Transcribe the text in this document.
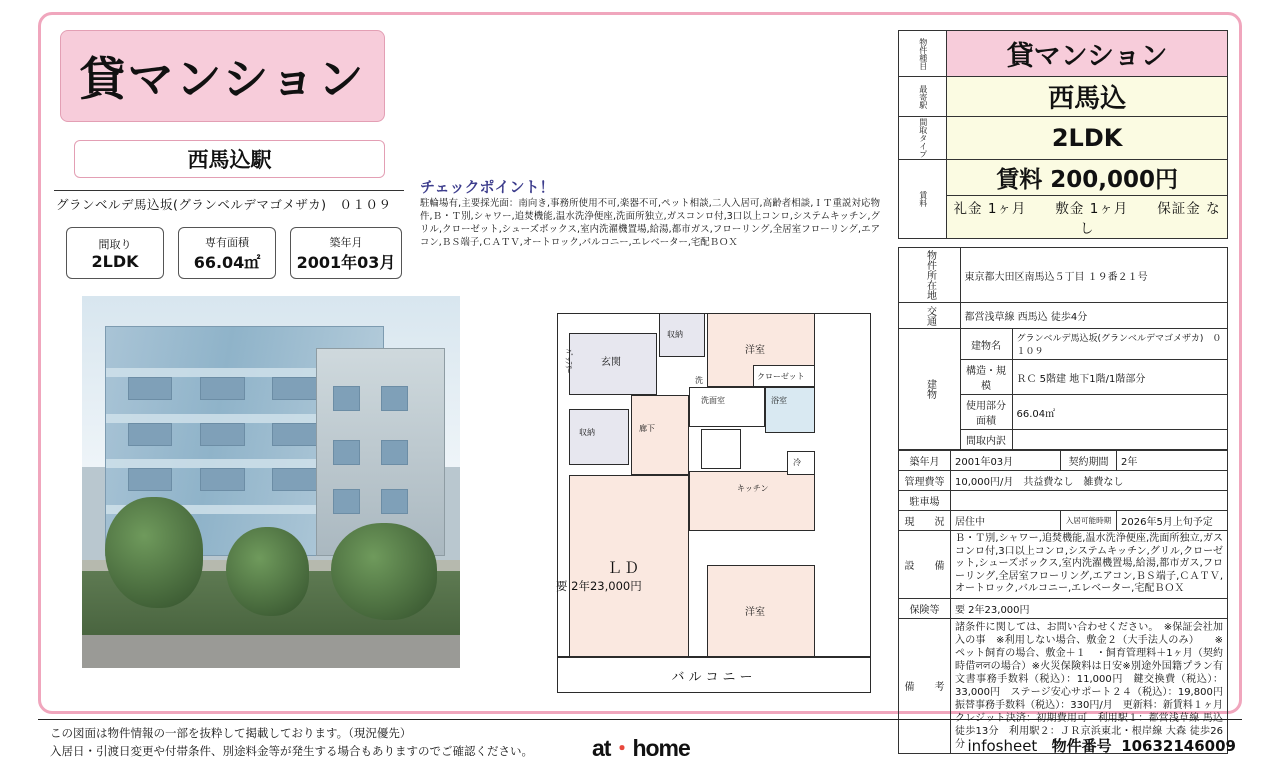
貸マンション
西馬込駅
グランベルデ馬込坂(グランベルデマゴメザカ)　０１０９
間取り
2LDK
専有面積
66.04㎡
築年月
2001年03月
チェックポイント！
駐輪場有,主要採光面：南向き,事務所使用不可,楽器不可,ペット相談,二人入居可,高齢者相談,ＩＴ重説対応物件,Ｂ・Ｔ別,シャワー,追焚機能,温水洗浄便座,洗面所独立,ガスコンロ付,3口以上コンロ,システムキッチン,グリル,クローゼット,シューズボックス,室内洗濯機置場,給湯,都市ガス,フローリング,全居室フローリング,エアコン,ＢＳ端子,ＣＡＴＶ,オートロック,バルコニー,エレベーター,宅配ＢＯＸ
洋室
収納
玄関
ﾊﾞｯﾃﾘｰ
クローゼット
洗面室
洗
浴室
廊下
収納
キッチン
冷
ＬＤ
洋室
バルコニー
要 2年23,000円
物件種目	貸マンション
最寄駅	西馬込
間取タイプ	2LDK
賃料	賃料 200,000円
	礼金 1ヶ月　　敷金 1ヶ月　　保証金 なし
物件所在地	東京都大田区南馬込５丁目 １９番２１号	
交通	都営浅草線 西馬込 徒歩4分	
建物	建物名	グランベルデ馬込坂(グランベルデマゴメザカ)　０１０９
	構造・規模	ＲＣ 5階建 地下1階/1階部分
	使用部分面積	66.04㎡
	間取内訳	
築年月	2001年03月	契約期間	2年
管理費等	10,000円/月　共益費なし　雑費なし		
駐車場			
現　　況	居住中	入居可能時期	2026年5月上旬予定
設　　備	Ｂ・Ｔ別,シャワー,追焚機能,温水洗浄便座,洗面所独立,ガスコンロ付,3口以上コンロ,システムキッチン,グリル,クローゼット,シューズボックス,室内洗濯機置場,給湯,都市ガス,フローリング,全居室フローリング,エアコン,ＢＳ端子,ＣＡＴＶ,オートロック,バルコニー,エレベーター,宅配ＢＯＸ		
保険等	要 2年23,000円		
備　　考	諸条件に関しては、お問い合わせください。　※保証会社加入の事　※利用しない場合、敷金２（大手法人のみ）　　※ペット飼育の場合、敷金＋１　・飼育管理料＋1ヶ月（契約時借ললの場合）※火災保険料は日安※別途外国籍プラン有　文書事務手数料（税込）：11,000円　鍵交換費（税込）：33,000円　ステージ安心サポート２４（税込）：19,800円　振替事務手数料（税込）：330円/月　更新料：新賃料１ヶ月　クレジット決済：初期費用可　利用駅１：都営浅草線 馬込 徒歩13分　利用駅２：ＪＲ京浜東北・根岸線 大森 徒歩26分		
この図面は物件情報の一部を抜粋して掲載しております。（現況優先）
入居日・引渡日変更や付帯条件、別途料金等が発生する場合もありますのでご確認ください。	at・home	infosheet 物件番号 10632146009
